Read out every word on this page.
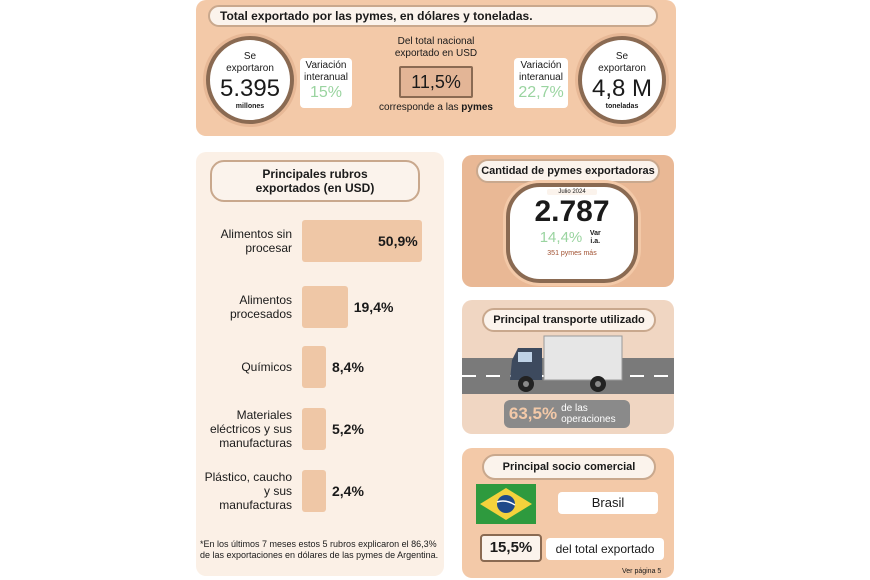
Total exportado por las pymes, en dólares y toneladas.
Se
exportaron
5.395
millones
Variación interanual
15%
Del total nacional
exportado en USD
11,5%
corresponde a las pymes
Variación interanual
22,7%
Se
exportaron
4,8 M
toneladas
Principales rubros exportados (en USD)
Alimentos sin procesar	50,9%
Alimentos procesados	19,4%
Químicos	8,4%
Materiales eléctricos y sus manufacturas
5,2%
Plástico, caucho y sus manufacturas
2,4%
*En los últimos 7 meses estos 5 rubros explicaron el 86,3% de las exportaciones en dólares de las pymes de Argentina.
Cantidad de pymes exportadoras
Julio 2024
2.787
14,4%	Var i.a.
351 pymes más
Principal transporte utilizado
63,5% de las operaciones
Principal socio comercial
Brasil
15,5%	del total exportado
Ver página 5
